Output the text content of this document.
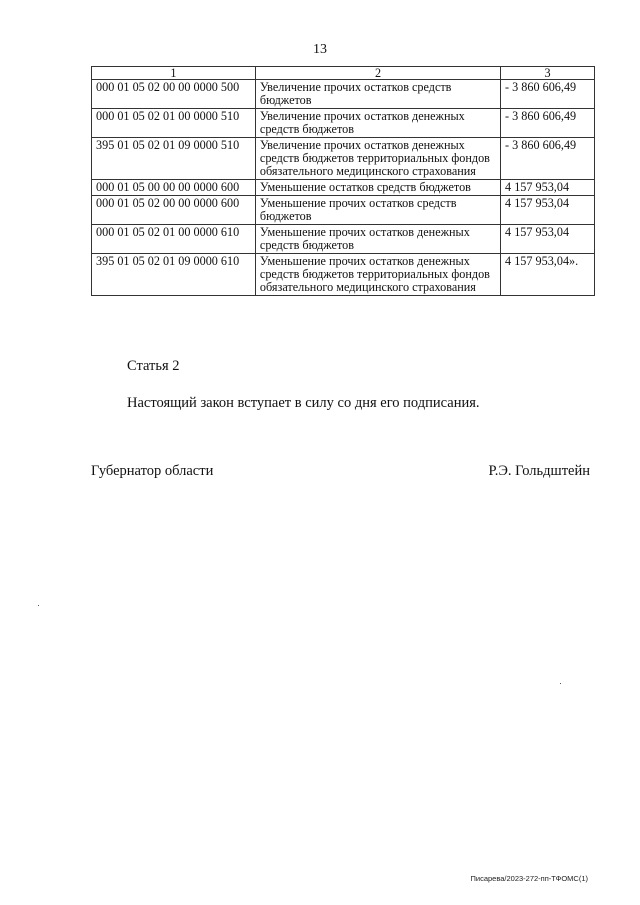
13
1	2	3
000 01 05 02 00 00 0000 500	Увеличение прочих остатков средств бюджетов	- 3 860 606,49
000 01 05 02 01 00 0000 510	Увеличение прочих остатков денежных средств бюджетов	- 3 860 606,49
395 01 05 02 01 09 0000 510	Увеличение прочих остатков денежных средств бюджетов территориальных фондов обязательного медицинского страхования	- 3 860 606,49
000 01 05 00 00 00 0000 600	Уменьшение остатков средств бюджетов	4 157 953,04
000 01 05 02 00 00 0000 600	Уменьшение прочих остатков средств бюджетов	4 157 953,04
000 01 05 02 01 00 0000 610	Уменьшение прочих остатков денежных средств бюджетов	4 157 953,04
395 01 05 02 01 09 0000 610	Уменьшение прочих остатков денежных средств бюджетов территориальных фондов обязательного медицинского страхования	4 157 953,04».
Статья 2
Настоящий закон вступает в силу со дня его подписания.
Губернатор области	Р.Э. Гольдштейн
Писарева/2023-272-пп-ТФОМС(1)
